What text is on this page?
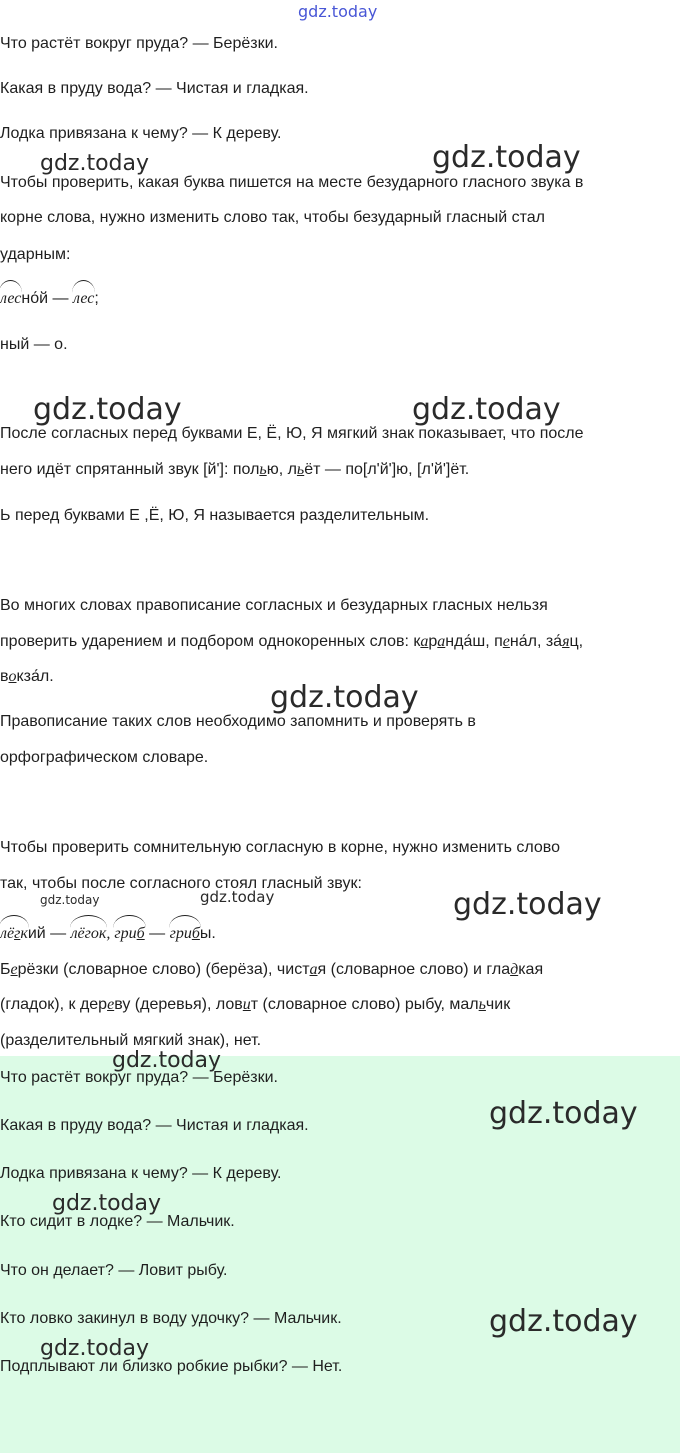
gdz.today
Что растёт вокруг пруда? — Берёзки.
Какая в пруду вода? — Чистая и гладкая.
Лодка привязана к чему? — К дереву.
gdz.today	gdz.today
Чтобы проверить, какая буква пишется на месте безударного гласного звука в
корне слова, нужно изменить слово так, чтобы безударный гласный стал
ударным:
лесно́й — лес;
ный — о.
gdz.today	gdz.today
После согласных перед буквами Е, Ё, Ю, Я мягкий знак показывает, что после
него идёт спрятанный звук [й']: полью, льёт — по[л'й']ю, [л'й']ёт.
Ь перед буквами Е ,Ё, Ю, Я называется разделительным.
Во многих словах правописание согласных и безударных гласных нельзя
проверить ударением и подбором однокоренных слов: каранда́ш, пена́л, за́яц,
вокза́л.
gdz.today
Правописание таких слов необходимо запомнить и проверять в
орфографическом словаре.
Чтобы проверить сомнительную согласную в корне, нужно изменить слово
так, чтобы после согласного стоял гласный звук:
gdz.today	gdz.today	gdz.today
лёгкий — лёгок, гриб — грибы.
Берёзки (словарное слово) (берёза), чистая (словарное слово) и гладкая
(гладок), к дереву (деревья), ловит (словарное слово) рыбу, мальчик
(разделительный мягкий знак), нет.
gdz.today
Что растёт вокруг пруда? — Берёзки.
gdz.today
Какая в пруду вода? — Чистая и гладкая.
Лодка привязана к чему? — К дереву.
gdz.today
Кто сидит в лодке? — Мальчик.
Что он делает? — Ловит рыбу.
gdz.today
Кто ловко закинул в воду удочку? — Мальчик.
gdz.today
Подплывают ли близко робкие рыбки? — Нет.
